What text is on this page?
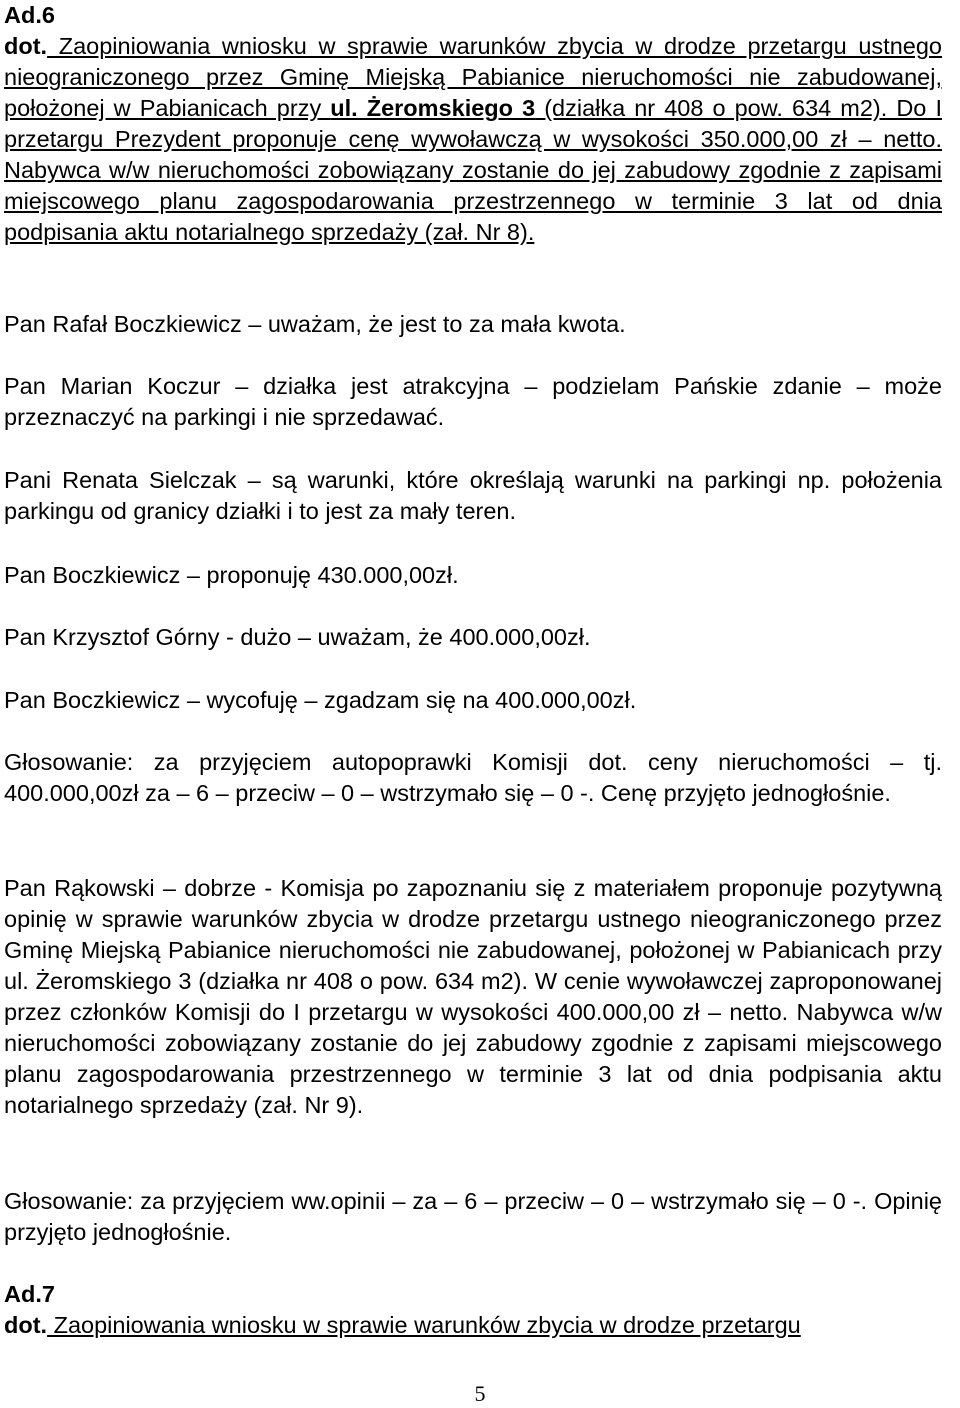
Ad.6

dot. Zaopiniowania wniosku w sprawie warunków zbycia w drodze przetargu ustnego nieograniczonego przez Gminę Miejską Pabianice nieruchomości nie zabudowanej, położonej w Pabianicach przy ul. Żeromskiego 3 (działka nr 408 o pow. 634 m2). Do I przetargu Prezydent proponuje cenę wywoławczą w wysokości 350.000,00 zł – netto. Nabywca w/w nieruchomości zobowiązany zostanie do jej zabudowy zgodnie z zapisami miejscowego planu zagospodarowania przestrzennego w terminie 3 lat od dnia podpisania aktu notarialnego sprzedaży (zał. Nr 8).

Pan Rafał Boczkiewicz – uważam, że jest to za mała kwota.

Pan Marian Koczur – działka jest atrakcyjna – podzielam Pańskie zdanie – może przeznaczyć na parkingi i nie sprzedawać.

Pani Renata Sielczak – są warunki, które określają warunki na parkingi np. położenia parkingu od granicy działki i to jest za mały teren.

Pan Boczkiewicz – proponuję 430.000,00zł.

Pan Krzysztof Górny - dużo – uważam, że 400.000,00zł.

Pan Boczkiewicz – wycofuję – zgadzam się na 400.000,00zł.

Głosowanie: za przyjęciem autopoprawki Komisji dot. ceny nieruchomości – tj. 400.000,00zł za – 6 – przeciw – 0 – wstrzymało się – 0 -. Cenę przyjęto jednogłośnie.

Pan Rąkowski – dobrze - Komisja po zapoznaniu się z materiałem proponuje pozytywną opinię w sprawie warunków zbycia w drodze przetargu ustnego nieograniczonego przez Gminę Miejską Pabianice nieruchomości nie zabudowanej, położonej w Pabianicach przy ul. Żeromskiego 3 (działka nr 408 o pow. 634 m2). W cenie wywoławczej zaproponowanej przez członków Komisji do I przetargu w wysokości 400.000,00 zł – netto. Nabywca w/w nieruchomości zobowiązany zostanie do jej zabudowy zgodnie z zapisami miejscowego planu zagospodarowania przestrzennego w terminie 3 lat od dnia podpisania aktu notarialnego sprzedaży (zał. Nr 9).

Głosowanie: za przyjęciem ww.opinii – za – 6 – przeciw – 0 – wstrzymało się – 0 -. Opinię przyjęto jednogłośnie.

Ad.7

dot. Zaopiniowania wniosku w sprawie warunków zbycia w drodze przetargu

5
